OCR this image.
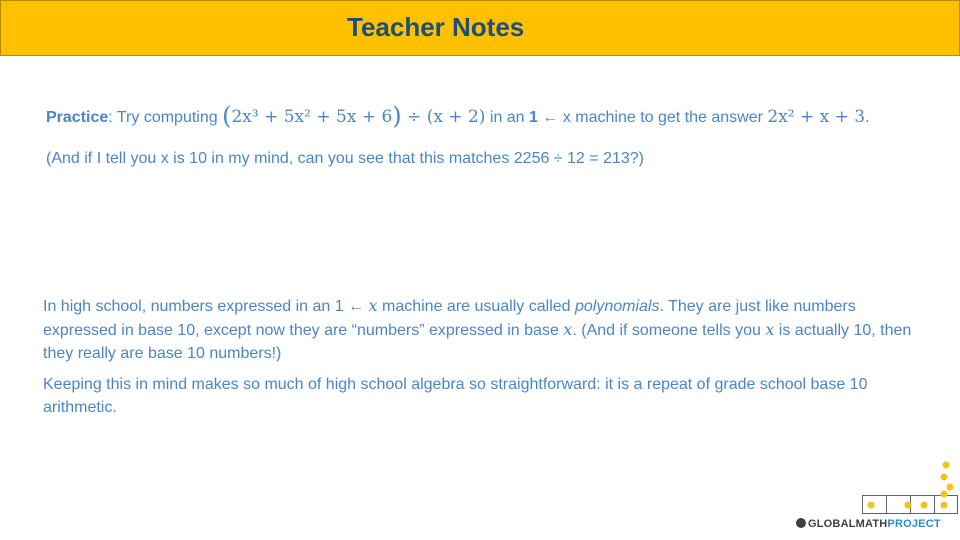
Teacher Notes
Practice: Try computing (2x³ + 5x² + 5x + 6) ÷ (x + 2) in an 1 ← x machine to get the answer 2x² + x + 3.
(And if I tell you x is 10 in my mind, can you see that this matches 2256 ÷ 12 = 213?)
In high school, numbers expressed in an 1 ← x machine are usually called polynomials. They are just like numbers expressed in base 10, except now they are “numbers” expressed in base x. (And if someone tells you x is actually 10, then they really are base 10 numbers!)
Keeping this in mind makes so much of high school algebra so straightforward: it is a repeat of grade school base 10 arithmetic.
GLOBALMATHPROJECT
